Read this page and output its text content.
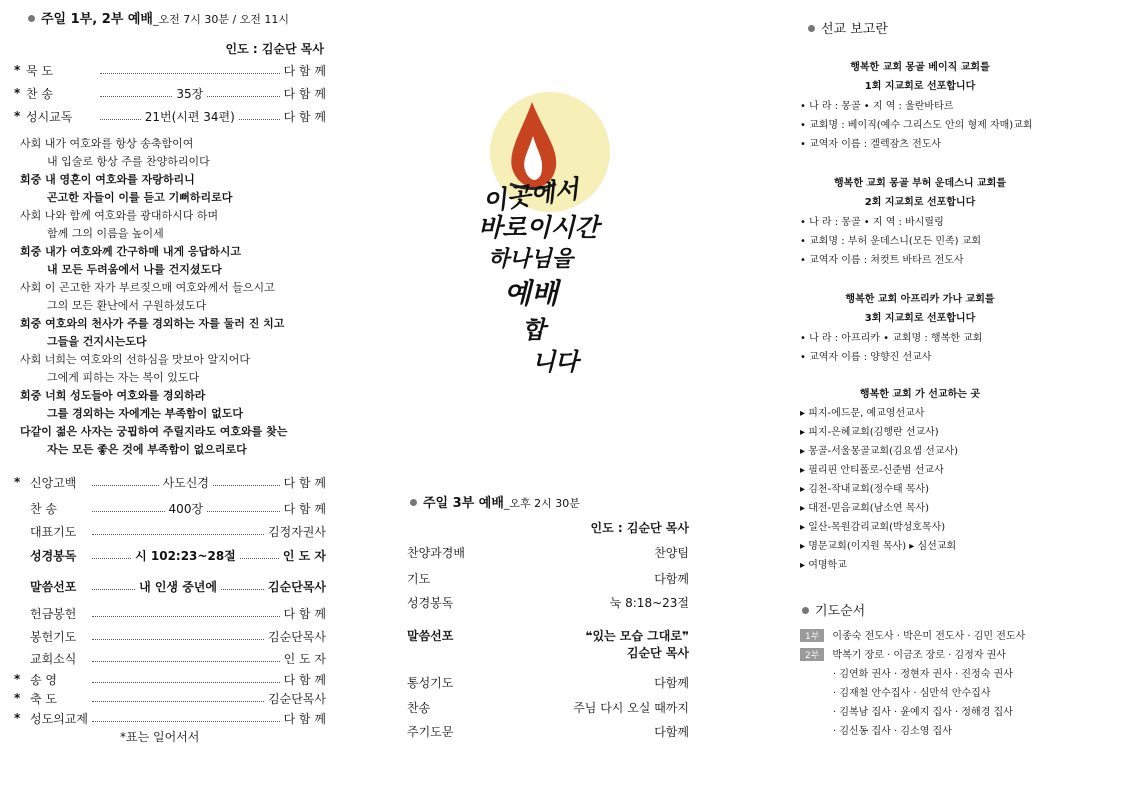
주일 1부, 2부 예배 _오전 7시 30분 / 오전 11시
인도 : 김순단 목사
* 묵 도	다 함 께
* 찬 송	35장	다 함 께
* 성시교독	21번(시편 34편)	다 함 께
사회 내가 여호와를 항상 송축함이여
내 입술로 항상 주를 찬양하리이다
회중 내 영혼이 여호와를 자랑하리니
곤고한 자들이 이를 듣고 기뻐하리로다
사회 나와 함께 여호와를 광대하시다 하며
함께 그의 이름을 높이세
회중 내가 여호와께 간구하매 내게 응답하시고
내 모든 두려움에서 나를 건지셨도다
사회 이 곤고한 자가 부르짖으매 여호와께서 들으시고
그의 모든 환난에서 구원하셨도다
회중 여호와의 천사가 주를 경외하는 자를 둘러 진 치고
그들을 건지시는도다
사회 너희는 여호와의 선하심을 맛보아 알지어다
그에게 피하는 자는 복이 있도다
회중 너희 성도들아 여호와를 경외하라
그를 경외하는 자에게는 부족함이 없도다
다같이 젊은 사자는 궁핍하여 주릴지라도 여호와를 찾는
자는 모든 좋은 것에 부족함이 없으리로다
* 신앙고백	사도신경	다 함 께
찬 송	400장	다 함 께
대표기도	김정자권사
성경봉독	시 102:23~28절	인 도 자
말씀선포	내 인생 중년에	김순단목사
헌금봉헌	다 함 께
봉헌기도	김순단목사
교회소식	인 도 자
* 송 영	다 함 께
* 축 도	김순단목사
* 성도의교제	다 함 께
*표는 일어서서
이곳에서
바로이시간
하나님을
예배
합
니다
주일 3부 예배 _오후 2시 30분
인도 : 김순단 목사
찬양과경배	찬양팀
기도	다함께
성경봉독	눅 8:18~23절
말씀선포	❝있는 모습 그대로❞
김순단 목사
통성기도	다함께
찬송	주님 다시 오실 때까지
주기도문	다함께
선교 보고란
행복한 교회 몽골 베이직 교회를
1회 지교회로 선포합니다
• 나 라 : 몽골 • 지 역 : 울란바타르
• 교회명 : 베이직(예수 그리스도 안의 형제 자매)교회
• 교역자 이름 : 겔렉잠츠 전도사
행복한 교회 몽골 부허 운데스니 교회를
2회 지교회로 선포합니다
• 나 라 : 몽골 • 지 역 : 바시릴링
• 교회명 : 부허 운데스니(모든 민족) 교회
• 교역자 이름 : 쳐컷트 바타르 전도사
행복한 교회 아프리카 가나 교회를
3회 지교회로 선포합니다
• 나 라 : 아프리카 • 교회명 : 행복한 교회
• 교역자 이름 : 양향진 선교사
행복한 교회 가 선교하는 곳
▸ 피지-에드문, 예교영선교사
▸ 피지-은혜교회(김행란 선교사)
▸ 몽골-서울몽골교회(김요셉 선교사)
▸ 필리핀 안티폴로-신준범 선교사
▸ 김천-작내교회(정수태 목사)
▸ 대전-믿음교회(남소연 목사)
▸ 일산-목원감리교회(박성호목사)
▸ 명문교회(이지원 목사) ▸ 심선교회
▸ 여명학교
기도순서
1부 이종숙 전도사 · 박은미 전도사 · 김민 전도사
2부 박복기 장로 · 이금조 장로 · 김정자 권사
· 김연화 권사 · 정현자 권사 · 진정숙 권사
· 김재철 안수집사 · 심만석 안수집사
· 김복남 집사 · 윤예지 집사 · 정해경 집사
· 김신동 집사 · 김소영 집사
